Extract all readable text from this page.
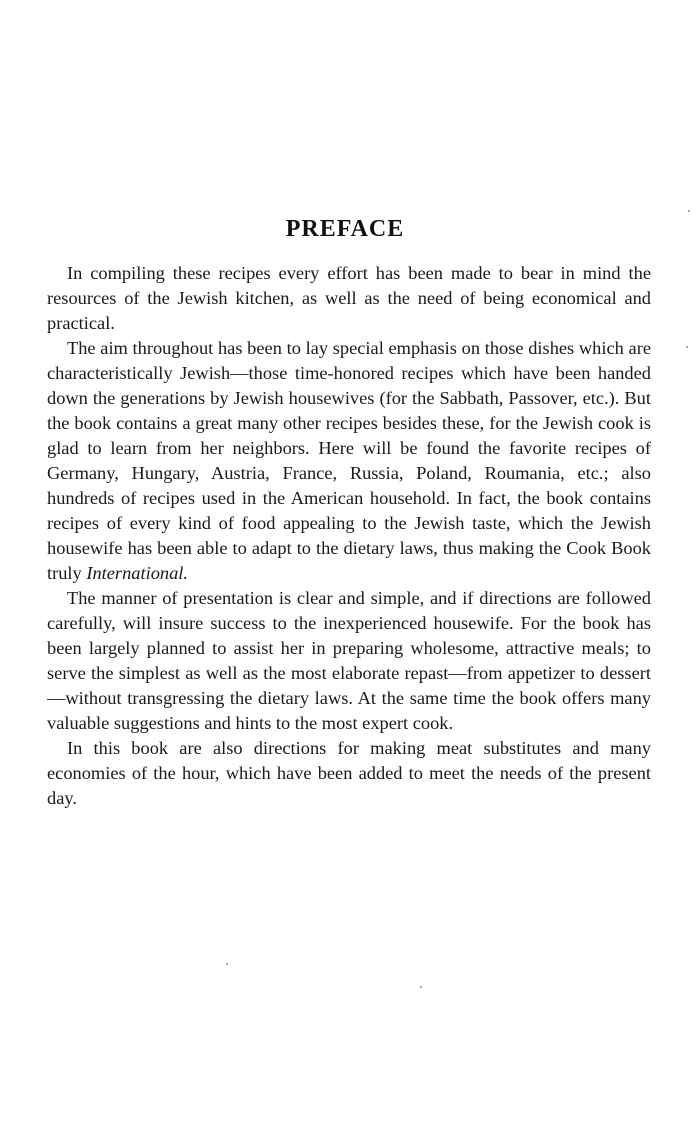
PREFACE

In compiling these recipes every effort has been made to bear in mind the resources of the Jewish kitchen, as well as the need of being economical and practical.

The aim throughout has been to lay special emphasis on those dishes which are characteristically Jewish—those time-honored recipes which have been handed down the generations by Jewish housewives (for the Sabbath, Passover, etc.). But the book contains a great many other recipes besides these, for the Jewish cook is glad to learn from her neighbors. Here will be found the favorite recipes of Germany, Hungary, Austria, France, Russia, Poland, Roumania, etc.; also hundreds of recipes used in the American household. In fact, the book contains recipes of every kind of food appealing to the Jewish taste, which the Jewish housewife has been able to adapt to the dietary laws, thus making the Cook Book truly International.

The manner of presentation is clear and simple, and if directions are followed carefully, will insure success to the inexperienced housewife. For the book has been largely planned to assist her in preparing wholesome, attractive meals; to serve the simplest as well as the most elaborate repast—from appetizer to dessert—without transgressing the dietary laws. At the same time the book offers many valuable suggestions and hints to the most expert cook.

In this book are also directions for making meat substitutes and many economies of the hour, which have been added to meet the needs of the present day.
